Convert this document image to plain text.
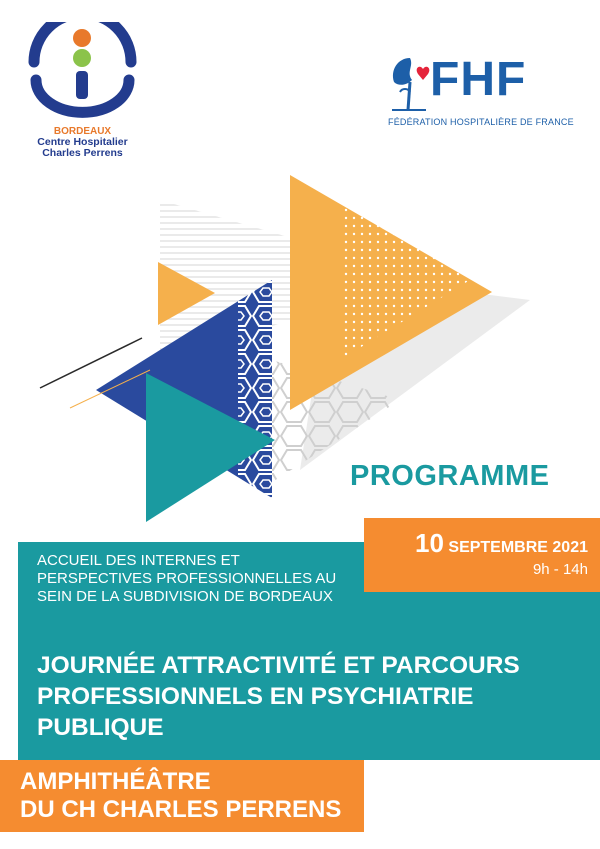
BORDEAUX
Centre Hospitalier
Charles Perrens
FHF
FÉDÉRATION HOSPITALIÈRE DE FRANCE
PROGRAMME
10 SEPTEMBRE 2021
9h - 14h
ACCUEIL DES INTERNES ET PERSPECTIVES PROFESSIONNELLES AU SEIN DE LA SUBDIVISION DE BORDEAUX
JOURNÉE ATTRACTIVITÉ ET PARCOURS PROFESSIONNELS EN PSYCHIATRIE PUBLIQUE
AMPHITHÉÂTRE
DU CH CHARLES PERRENS
